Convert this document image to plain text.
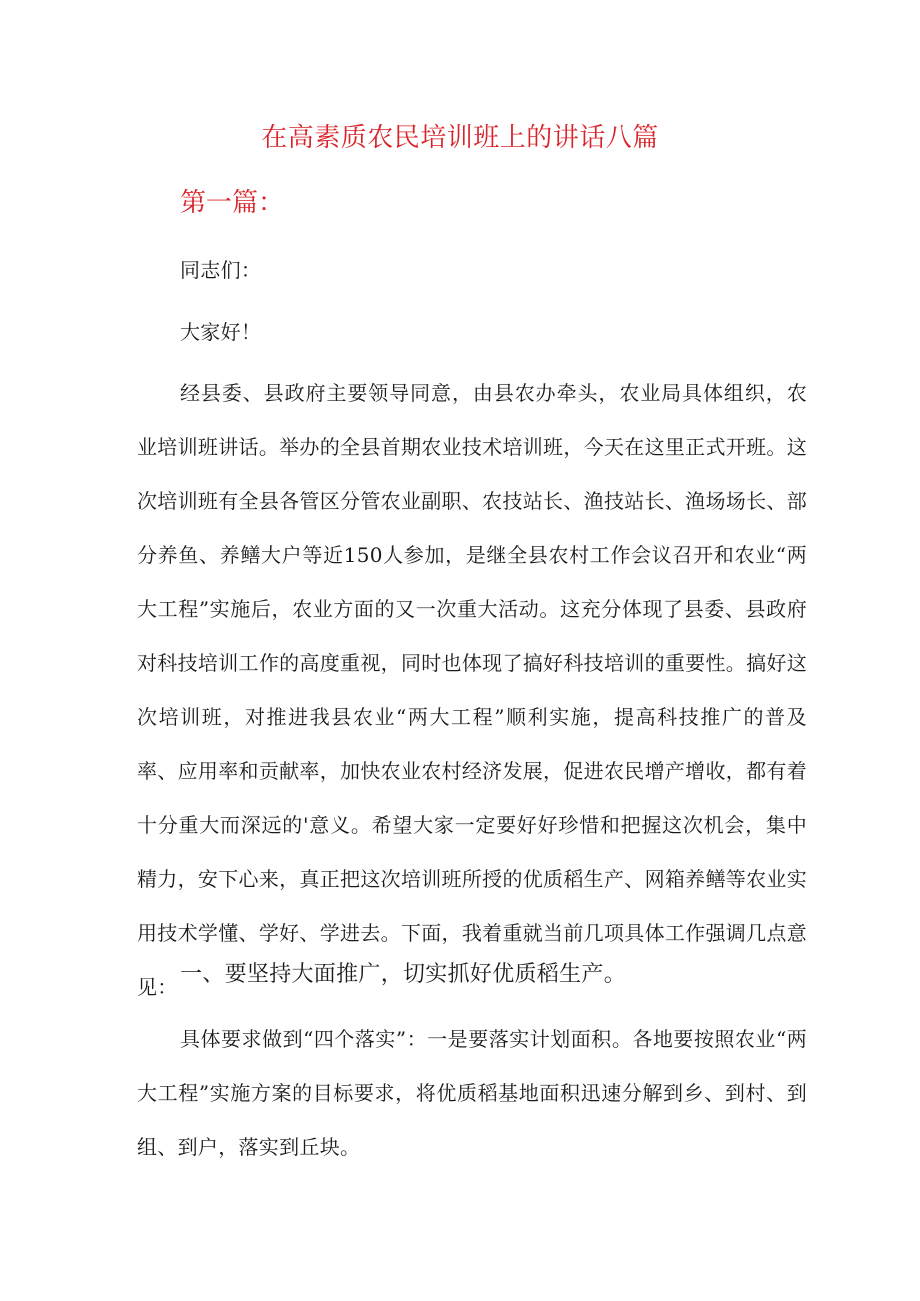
在高素质农民培训班上的讲话八篇
第一篇：
同志们：
大家好！
经县委、县政府主要领导同意，由县农办牵头，农业局具体组织，农业培训班讲话。举办的全县首期农业技术培训班，今天在这里正式开班。这次培训班有全县各管区分管农业副职、农技站长、渔技站长、渔场场长、部分养鱼、养鳝大户等近150人参加，是继全县农村工作会议召开和农业“两大工程”实施后，农业方面的又一次重大活动。这充分体现了县委、县政府对科技培训工作的高度重视，同时也体现了搞好科技培训的重要性。搞好这次培训班，对推进我县农业“两大工程”顺利实施，提高科技推广的普及率、应用率和贡献率，加快农业农村经济发展，促进农民增产增收，都有着十分重大而深远的'意义。希望大家一定要好好珍惜和把握这次机会，集中精力，安下心来，真正把这次培训班所授的优质稻生产、网箱养鳝等农业实用技术学懂、学好、学进去。下面，我着重就当前几项具体工作强调几点意见： 一、要坚持大面推广，切实抓好优质稻生产。
具体要求做到“四个落实”：一是要落实计划面积。各地要按照农业“两大工程”实施方案的目标要求，将优质稻基地面积迅速分解到乡、到村、到组、到户，落实到丘块。
